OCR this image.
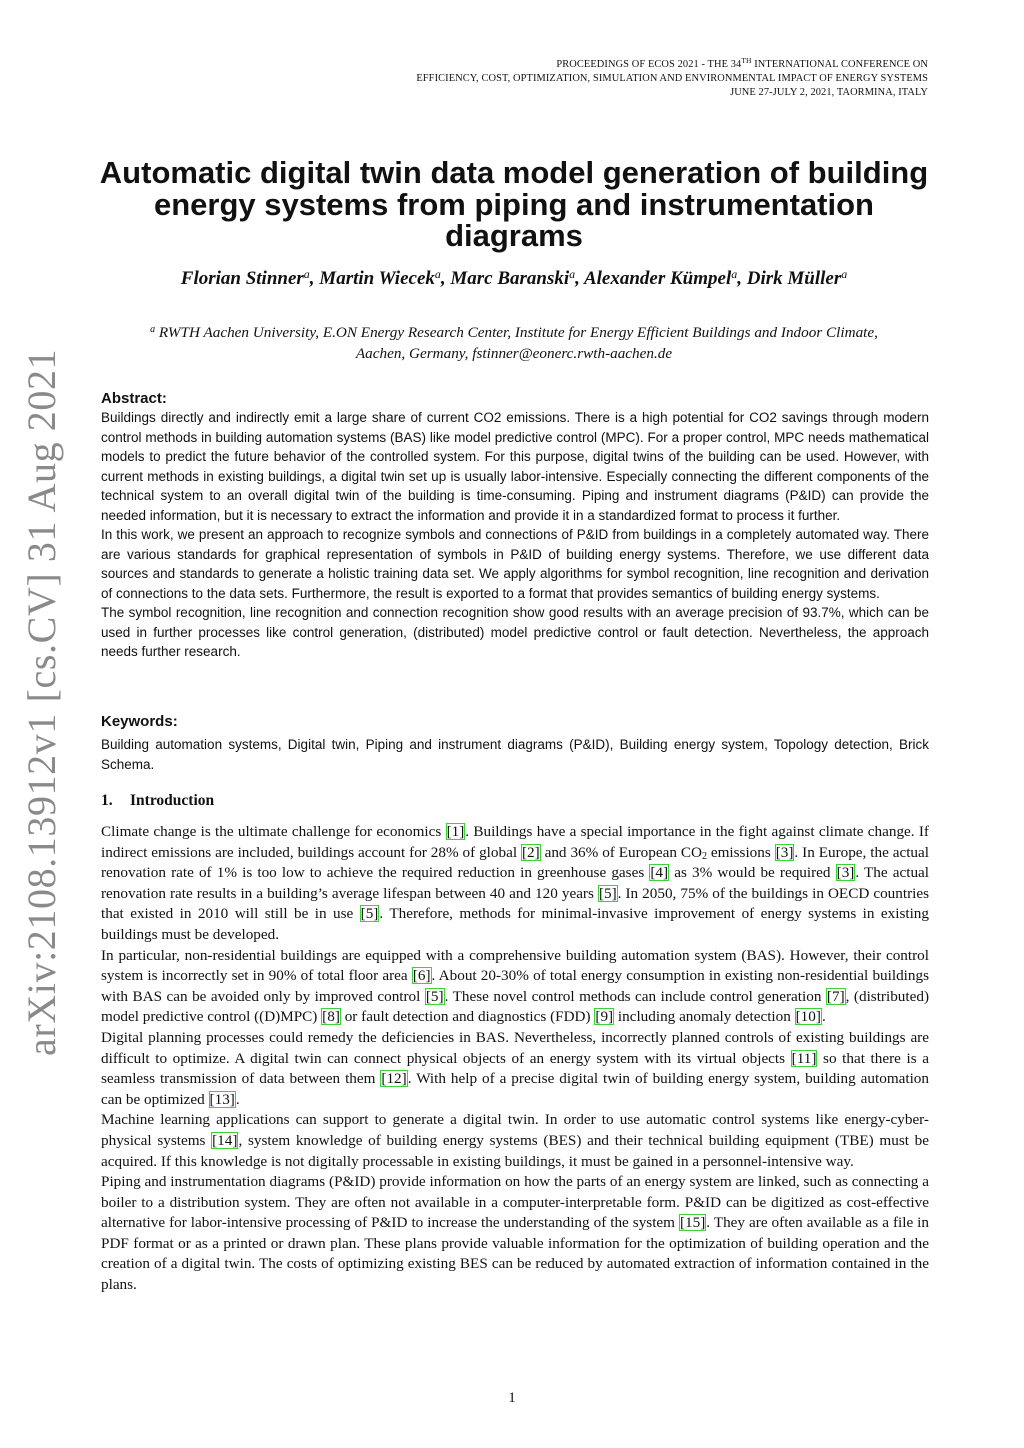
PROCEEDINGS OF ECOS 2021 - THE 34TH INTERNATIONAL CONFERENCE ON
EFFICIENCY, COST, OPTIMIZATION, SIMULATION AND ENVIRONMENTAL IMPACT OF ENERGY SYSTEMS
JUNE 27-JULY 2, 2021, TAORMINA, ITALY
arXiv:2108.13912v1 [cs.CV] 31 Aug 2021
Automatic digital twin data model generation of building
energy systems from piping and instrumentation
diagrams
Florian Stinner$^a$, Martin Wiecek$^a$, Marc Baranski$^a$, Alexander Kümpel$^a$, Dirk Müller$^a$
$^a$ RWTH Aachen University, E.ON Energy Research Center, Institute for Energy Efficient Buildings and Indoor Climate,
Aachen, Germany, fstinner@eonerc.rwth-aachen.de
Abstract:

Buildings directly and indirectly emit a large share of current CO2 emissions. There is a high potential for CO2 savings through modern control methods in building automation systems (BAS) like model predictive control (MPC). For a proper control, MPC needs mathematical models to predict the future behavior of the controlled system. For this purpose, digital twins of the building can be used. However, with current methods in existing buildings, a digital twin set up is usually labor-intensive. Especially connecting the different components of the technical system to an overall digital twin of the building is time-consuming. Piping and instrument diagrams (P&ID) can provide the needed information, but it is necessary to extract the information and provide it in a standardized format to process it further.

In this work, we present an approach to recognize symbols and connections of P&ID from buildings in a completely automated way. There are various standards for graphical representation of symbols in P&ID of building energy systems. Therefore, we use different data sources and standards to generate a holistic training data set. We apply algorithms for symbol recognition, line recognition and derivation of connections to the data sets. Furthermore, the result is exported to a format that provides semantics of building energy systems.

The symbol recognition, line recognition and connection recognition show good results with an average precision of 93.7%, which can be used in further processes like control generation, (distributed) model predictive control or fault detection. Nevertheless, the approach needs further research.

Keywords:
Building automation systems, Digital twin, Piping and instrument diagrams (P&ID), Building energy system, Topology detection, Brick Schema.
1. Introduction

Climate change is the ultimate challenge for economics [1]. Buildings have a special importance in the fight against climate change. If indirect emissions are included, buildings account for 28% of global [2] and 36% of European $CO_2$ emissions [3]. In Europe, the actual renovation rate of 1% is too low to achieve the required reduction in greenhouse gases [4] as 3% would be required [3]. The actual renovation rate results in a building’s average lifespan between 40 and 120 years [5]. In 2050, 75% of the buildings in OECD countries that existed in 2010 will still be in use [5]. Therefore, methods for minimal-invasive improvement of energy systems in existing buildings must be developed.

In particular, non-residential buildings are equipped with a comprehensive building automation system (BAS). However, their control system is incorrectly set in 90% of total floor area [6]. About 20-30% of total energy consumption in existing non-residential buildings with BAS can be avoided only by improved control [5]. These novel control methods can include control generation [7], (distributed) model predictive control ((D)MPC) [8] or fault detection and diagnostics (FDD) [9] including anomaly detection [10].

Digital planning processes could remedy the deficiencies in BAS. Nevertheless, incorrectly planned controls of existing buildings are difficult to optimize. A digital twin can connect physical objects of an energy system with its virtual objects [11] so that there is a seamless transmission of data between them [12]. With help of a precise digital twin of building energy system, building automation can be optimized [13].

Machine learning applications can support to generate a digital twin. In order to use automatic control systems like energy-cyber-physical systems [14], system knowledge of building energy systems (BES) and their technical building equipment (TBE) must be acquired. If this knowledge is not digitally processable in existing buildings, it must be gained in a personnel-intensive way.

Piping and instrumentation diagrams (P&ID) provide information on how the parts of an energy system are linked, such as connecting a boiler to a distribution system. They are often not available in a computer-interpretable form. P&ID can be digitized as cost-effective alternative for labor-intensive processing of P&ID to increase the understanding of the system [15]. They are often available as a file in PDF format or as a printed or drawn plan. These plans provide valuable information for the optimization of building operation and the creation of a digital twin. The costs of optimizing existing BES can be reduced by automated extraction of information contained in the plans.

1
